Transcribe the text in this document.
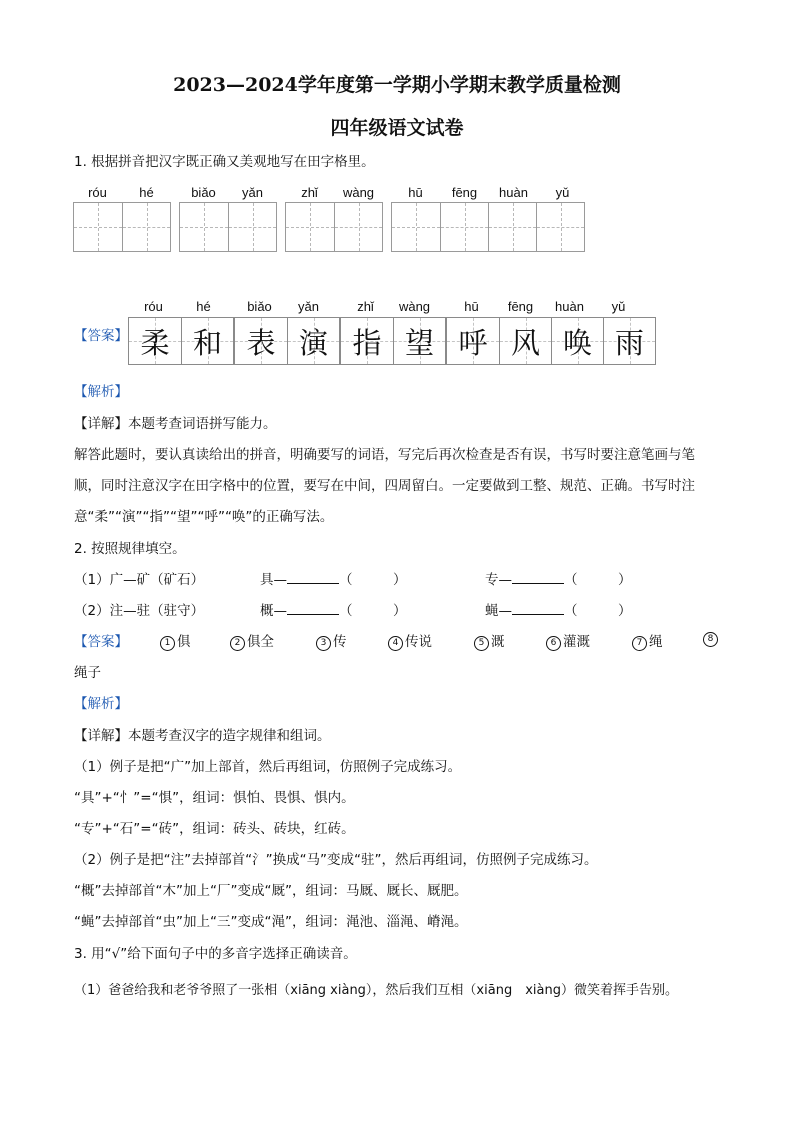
2023—2024学年度第一学期小学期末教学质量检测
四年级语文试卷
1. 根据拼音把汉字既正确又美观地写在田字格里。
róu	hé	biǎo	yǎn	zhǐ	wàng	hū	fēng	huàn	yǔ
【答案】
róu	hé	biǎo	yǎn	zhǐ	wàng	hū	fēng	huàn	yǔ
柔 和 表 演 指 望 呼 风 唤 雨
【解析】
【详解】本题考查词语拼写能力。
解答此题时，要认真读给出的拼音，明确要写的词语，写完后再次检查是否有误，书写时要注意笔画与笔
顺，同时注意汉字在田字格中的位置，要写在中间，四周留白。一定要做到工整、规范、正确。书写时注
意“柔”“演”“指”“望”“呼”“唤”的正确写法。
2. 按照规律填空。
（1）广—矿（矿石）	具—	（　　　）	专—	（　　　）
（2）注—驻（驻守）	概—	（　　　）	蝇—	（　　　）
【答案】	1 俱	2 俱全	3 传	4 传说	5 溉	6 灌溉	7 绳	8
绳子
【解析】
【详解】本题考查汉字的造字规律和组词。
（1）例子是把“广”加上部首，然后再组词，仿照例子完成练习。
“具”+“忄”=“惧”，组词：惧怕、畏惧、惧内。
“专”+“石”=“砖”，组词：砖头、砖块，红砖。
（2）例子是把“注”去掉部首“氵”换成“马”变成“驻”，然后再组词，仿照例子完成练习。
“概”去掉部首“木”加上“厂”变成“厩”，组词：马厩、厩长、厩肥。
“蝇”去掉部首“虫”加上“三”变成“渑”，组词：渑池、淄渑、嵴渑。
3. 用“√”给下面句子中的多音字选择正确读音。
（1）爸爸给我和老爷爷照了一张相（xiāng xiàng），然后我们互相（xiāng　xiàng）微笑着挥手告别。
